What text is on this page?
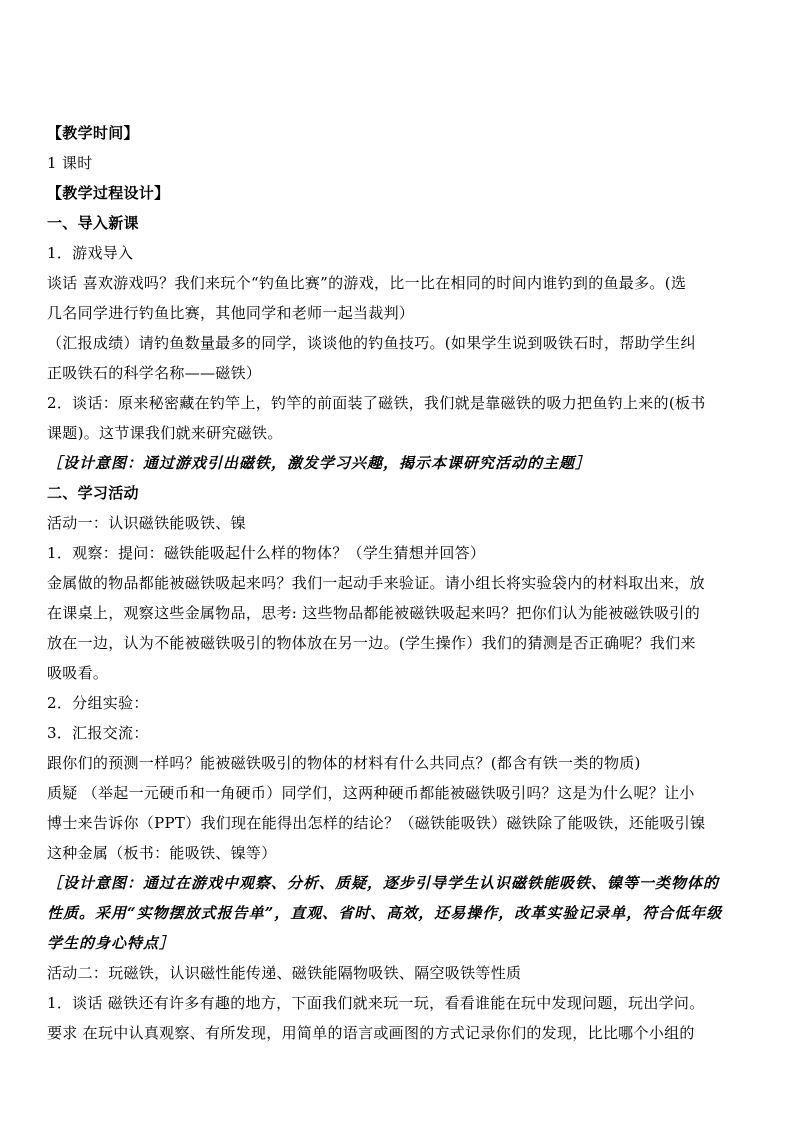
【教学时间】
1 课时
【教学过程设计】
一、导入新课
1．游戏导入
谈话 喜欢游戏吗？我们来玩个“钓鱼比赛”的游戏，比一比在相同的时间内谁钓到的鱼最多。(选
几名同学进行钓鱼比赛，其他同学和老师一起当裁判）
（汇报成绩）请钓鱼数量最多的同学，谈谈他的钓鱼技巧。(如果学生说到吸铁石时，帮助学生纠
正吸铁石的科学名称——磁铁）
2．谈话：原来秘密藏在钓竿上，钓竿的前面装了磁铁，我们就是靠磁铁的吸力把鱼钓上来的(板书
课题)。这节课我们就来研究磁铁。
［设计意图：通过游戏引出磁铁，激发学习兴趣，揭示本课研究活动的主题］
二、学习活动
活动一：认识磁铁能吸铁、镍
1．观察：提问：磁铁能吸起什么样的物体？（学生猜想并回答）
金属做的物品都能被磁铁吸起来吗？我们一起动手来验证。请小组长将实验袋内的材料取出来，放
在课桌上，观察这些金属物品，思考: 这些物品都能被磁铁吸起来吗？把你们认为能被磁铁吸引的
放在一边，认为不能被磁铁吸引的物体放在另一边。(学生操作）我们的猜测是否正确呢？我们来
吸吸看。
2．分组实验：
3．汇报交流：
跟你们的预测一样吗？能被磁铁吸引的物体的材料有什么共同点？(都含有铁一类的物质)
质疑 （举起一元硬币和一角硬币）同学们，这两种硬币都能被磁铁吸引吗？这是为什么呢？让小
博士来告诉你（PPT）我们现在能得出怎样的结论？（磁铁能吸铁）磁铁除了能吸铁，还能吸引镍
这种金属（板书：能吸铁、镍等）
［设计意图：通过在游戏中观察、分析、质疑，逐步引导学生认识磁铁能吸铁、镍等一类物体的
性质。采用“实物摆放式报告单”，直观、省时、高效，还易操作，改革实验记录单，符合低年级
学生的身心特点］
活动二：玩磁铁，认识磁性能传递、磁铁能隔物吸铁、隔空吸铁等性质
1．谈话 磁铁还有许多有趣的地方，下面我们就来玩一玩，看看谁能在玩中发现问题，玩出学问。
要求 在玩中认真观察、有所发现，用简单的语言或画图的方式记录你们的发现，比比哪个小组的
